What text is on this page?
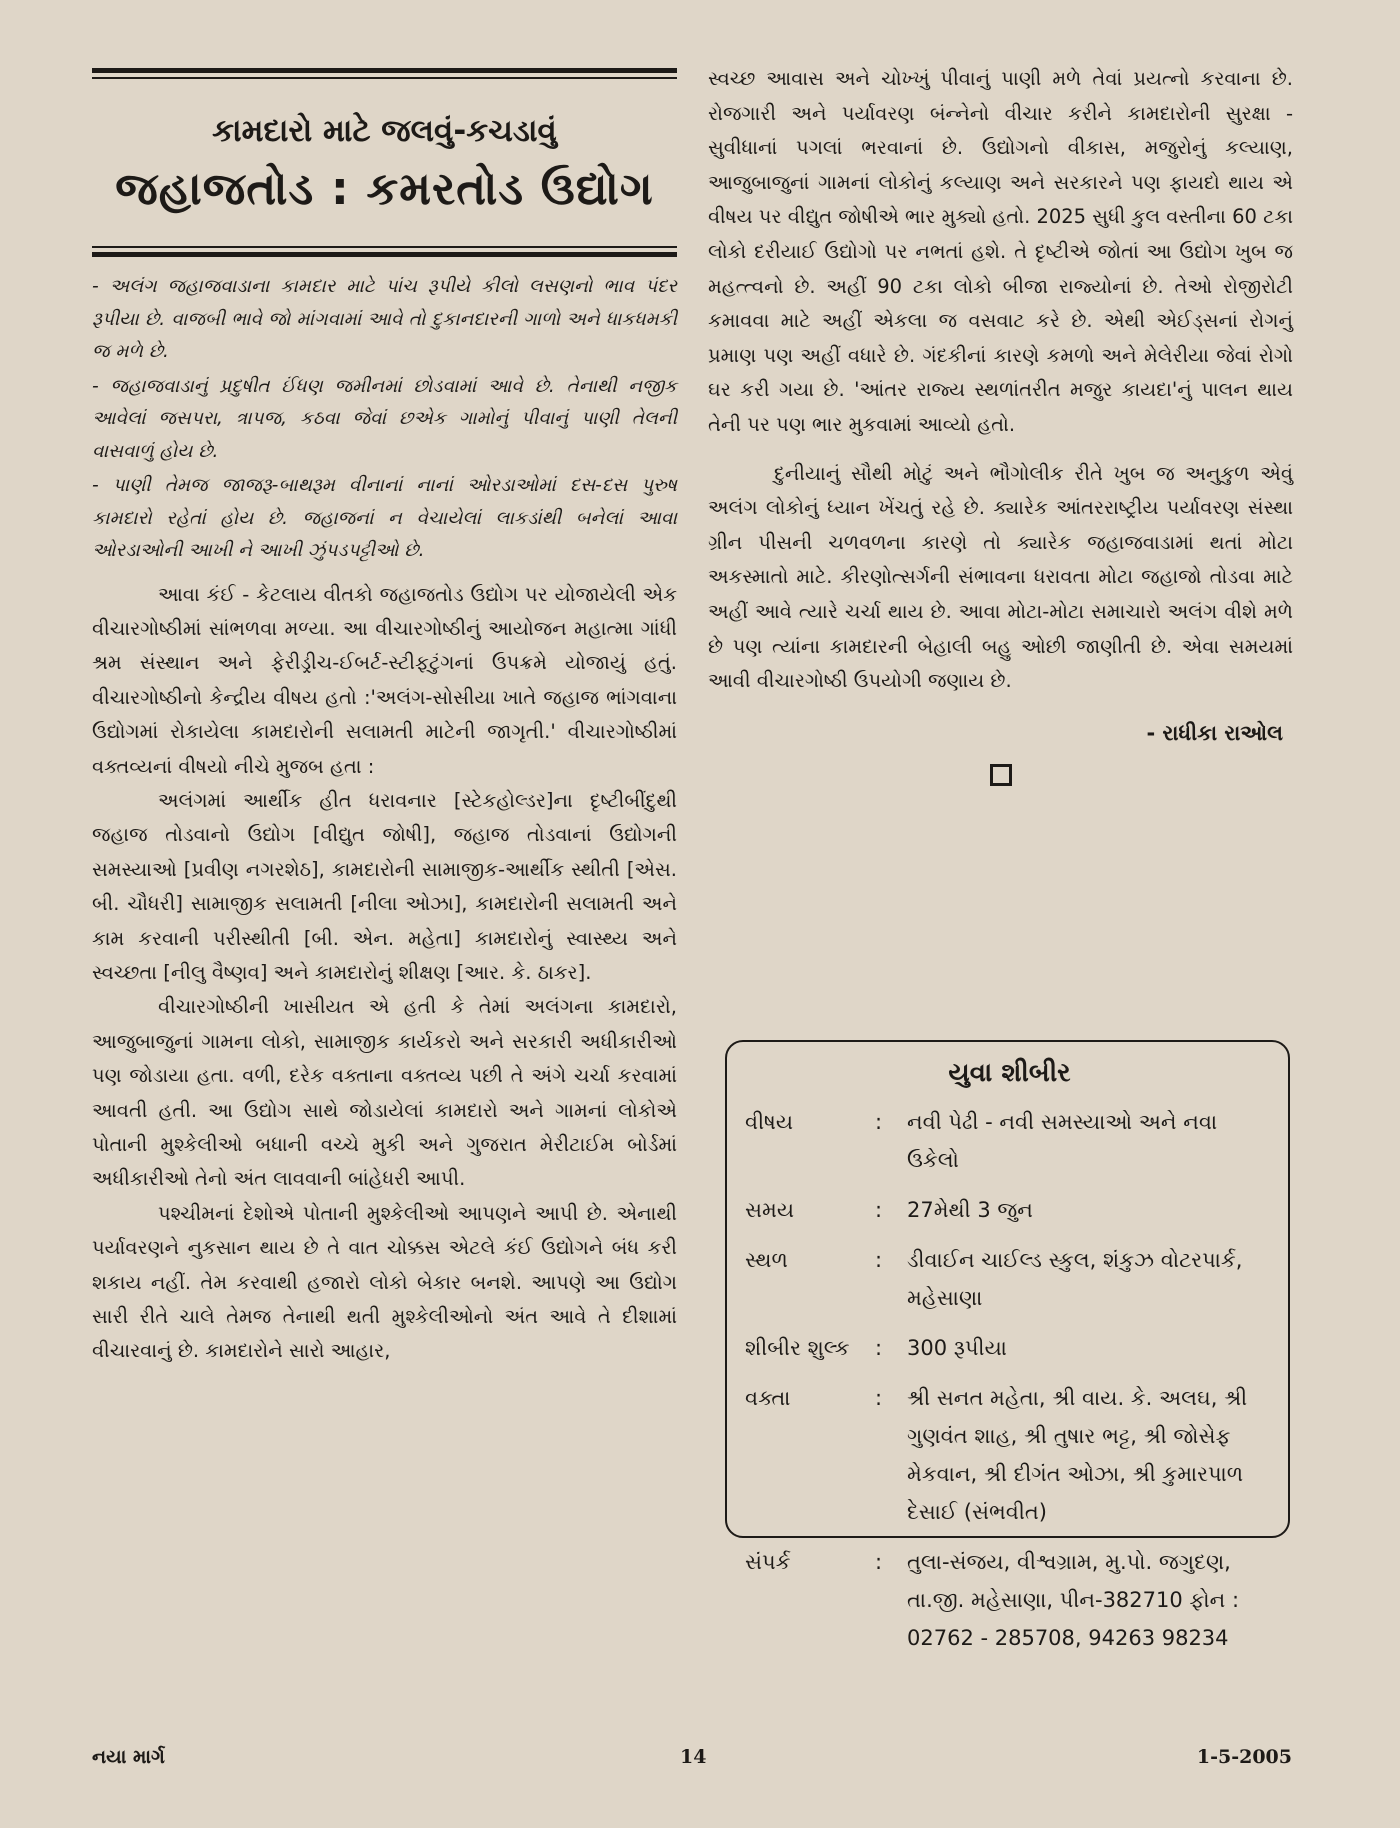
કામદારો માટે જલવું-કચડાવું
જહાજતોડ : કમરતોડ ઉદ્યોગ

- અલંગ જહાજવાડાના કામદાર માટે પાંચ રૂપીયે કીલો લસણનો ભાવ પંદર રૂપીયા છે. વાજબી ભાવે જો માંગવામાં આવે તો દુકાનદારની ગાળો અને ધાકધમકી જ મળે છે.

- જહાજવાડાનું પ્રદુષીત ઈંધણ જમીનમાં છોડવામાં આવે છે. તેનાથી નજીક આવેલાં જસપરા, ત્રાપજ, કઠવા જેવાં છએક ગામોનું પીવાનું પાણી તેલની વાસવાળું હોય છે.

- પાણી તેમજ જાજરૂ-બાથરૂમ વીનાનાં નાનાં ઓરડાઓમાં દસ-દસ પુરુષ કામદારો રહેતાં હોય છે. જહાજનાં ન વેચાયેલાં લાકડાંથી બનેલાં આવા ઓરડાઓની આખી ને આખી ઝુંપડપટ્ટીઓ છે.

આવા કંઈ - કેટલાય વીતકો જહાજતોડ ઉદ્યોગ પર યોજાયેલી એક વીચારગોષ્ઠીમાં સાંભળવા મળ્યા. આ વીચારગોષ્ઠીનું આયોજન મહાત્મા ગાંધી શ્રમ સંસ્થાન અને ફેરીડ્રીચ-ઈબર્ટ-સ્ટીફટુંગનાં ઉપક્રમે યોજાયું હતું. વીચારગોષ્ઠીનો કેન્દ્રીય વીષય હતો :'અલંગ-સોસીયા ખાતે જહાજ ભાંગવાના ઉદ્યોગમાં રોકાયેલા કામદારોની સલામતી માટેની જાગૃતી.' વીચારગોષ્ઠીમાં વક્તવ્યનાં વીષયો નીચે મુજબ હતા :

અલંગમાં આર્થીક હીત ધરાવનાર [સ્ટેકહોલ્ડર]ના દૃષ્ટીબીંદુથી જહાજ તોડવાનો ઉદ્યોગ [વીદ્યુત જોષી], જહાજ તોડવાનાં ઉદ્યોગની સમસ્યાઓ [પ્રવીણ નગરશેઠ], કામદારોની સામાજીક-આર્થીક સ્થીતી [એસ. બી. ચૌધરી] સામાજીક સલામતી [નીલા ઓઝા], કામદારોની સલામતી અને કામ કરવાની પરીસ્થીતી [બી. એન. મહેતા] કામદારોનું સ્વાસ્થ્ય અને સ્વચ્છતા [નીલુ વૈષ્ણવ] અને કામદારોનું શીક્ષણ [આર. કે. ઠાકર].

વીચારગોષ્ઠીની ખાસીયત એ હતી કે તેમાં અલંગના કામદારો, આજુબાજુનાં ગામના લોકો, સામાજીક કાર્યકરો અને સરકારી અધીકારીઓ પણ જોડાયા હતા. વળી, દરેક વક્તાના વક્તવ્ય પછી તે અંગે ચર્ચા કરવામાં આવતી હતી. આ ઉદ્યોગ સાથે જોડાયેલાં કામદારો અને ગામનાં લોકોએ પોતાની મુશ્કેલીઓ બધાની વચ્ચે મુકી અને ગુજરાત મેરીટાઈમ બોર્ડમાં અધીકારીઓ તેનો અંત લાવવાની બાંહેધરી આપી.

પશ્ચીમનાં દેશોએ પોતાની મુશ્કેલીઓ આપણને આપી છે. એનાથી પર્યાવરણને નુકસાન થાય છે તે વાત ચોક્કસ એટલે કંઈ ઉદ્યોગને બંધ કરી શકાય નહીં. તેમ કરવાથી હજારો લોકો બેકાર બનશે. આપણે આ ઉદ્યોગ સારી રીતે ચાલે તેમજ તેનાથી થતી મુશ્કેલીઓનો અંત આવે તે દીશામાં વીચારવાનું છે. કામદારોને સારો આહાર,

સ્વચ્છ આવાસ અને ચોખ્ખું પીવાનું પાણી મળે તેવાં પ્રયત્નો કરવાના છે. રોજગારી અને પર્યાવરણ બંન્નેનો વીચાર કરીને કામદારોની સુરક્ષા - સુવીધાનાં પગલાં ભરવાનાં છે. ઉદ્યોગનો વીકાસ, મજુરોનું કલ્યાણ, આજુબાજુનાં ગામનાં લોકોનું કલ્યાણ અને સરકારને પણ ફાયદો થાય એ વીષય પર વીદ્યુત જોષીએ ભાર મુક્યો હતો. 2025 સુધી કુલ વસ્તીના 60 ટકા લોકો દરીયાઈ ઉદ્યોગો પર નભતાં હશે. તે દૃષ્ટીએ જોતાં આ ઉદ્યોગ ખુબ જ મહત્ત્વનો છે. અહીં 90 ટકા લોકો બીજા રાજ્યોનાં છે. તેઓ રોજીરોટી કમાવવા માટે અહીં એકલા જ વસવાટ કરે છે. એથી એઈડ્સનાં રોગનું પ્રમાણ પણ અહીં વધારે છે. ગંદકીનાં કારણે કમળો અને મેલેરીયા જેવાં રોગો ઘર કરી ગયા છે. 'આંતર રાજ્ય સ્થળાંતરીત મજુર કાયદા'નું પાલન થાય તેની પર પણ ભાર મુકવામાં આવ્યો હતો.

દુનીયાનું સૌથી મોટું અને ભૌગોલીક રીતે ખુબ જ અનુકુળ એવું અલંગ લોકોનું ધ્યાન ખેંચતું રહે છે. ક્યારેક આંતરરાષ્ટ્રીય પર્યાવરણ સંસ્થા ગ્રીન પીસની ચળવળના કારણે તો ક્યારેક જહાજવાડામાં થતાં મોટા અકસ્માતો માટે. કીરણોત્સર્ગની સંભાવના ધરાવતા મોટા જહાજો તોડવા માટે અહીં આવે ત્યારે ચર્ચા થાય છે. આવા મોટા-મોટા સમાચારો અલંગ વીશે મળે છે પણ ત્યાંના કામદારની બેહાલી બહુ ઓછી જાણીતી છે. એવા સમયમાં આવી વીચારગોષ્ઠી ઉપયોગી જણાય છે.

- રાધીકા રાઓલ
યુવા શીબીર
વીષય	:	નવી પેઢી - નવી સમસ્યાઓ અને નવા ઉકેલો
સમય	:	27મેથી 3 જુન
સ્થળ	:	ડીવાઈન ચાઈલ્ડ સ્કુલ, શંકુઝ વોટરપાર્ક, મહેસાણા
શીબીર શુલ્ક	:	300 રૂપીયા
વક્તા	:	શ્રી સનત મહેતા, શ્રી વાય. કે. અલઘ, શ્રી ગુણવંત શાહ, શ્રી તુષાર ભટ્ટ, શ્રી જોસેફ મેકવાન, શ્રી દીગંત ઓઝા, શ્રી કુમારપાળ દેસાઈ (સંભવીત)
સંપર્ક	:	તુલા-સંજય, વીશ્વગ્રામ, મુ.પો. જગુદણ, તા.જી. મહેસાણા, પીન-382710 ફોન : 02762 - 285708, 94263 98234
નયા માર્ગ	14	1-5-2005
